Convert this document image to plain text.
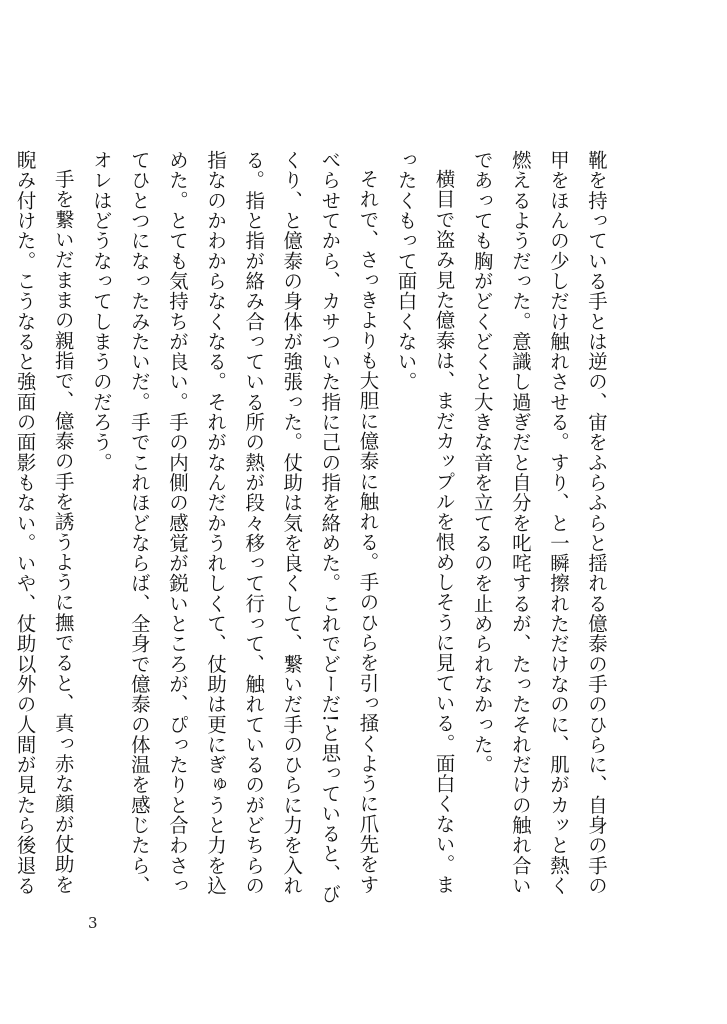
靴を持っている手とは逆の、宙をふらふらと揺れる億泰の手のひらに、自身の手の甲をほんの少しだけ触れさせる。すり、と一瞬擦れただけなのに、肌がカッと熱く燃えるようだった。意識し過ぎだと自分を叱咤するが、たったそれだけの触れ合いであっても胸がどくどくと大きな音を立てるのを止められなかった。

横目で盗み見た億泰は、まだカップルを恨めしそうに見ている。面白くない。まったくもって面白くない。

それで、さっきよりも大胆に億泰に触れる。手のひらを引っ掻くように爪先をすべらせてから、カサついた指に己の指を絡めた。これでどーだ!と思っていると、びくり、と億泰の身体が強張った。仗助は気を良くして、繋いだ手のひらに力を入れる。指と指が絡み合っている所の熱が段々移って行って、触れているのがどちらの指なのかわからなくなる。それがなんだかうれしくて、仗助は更にぎゅうと力を込めた。とても気持ちが良い。手の内側の感覚が鋭いところが、ぴったりと合わさってひとつになったみたいだ。手でこれほどならば、全身で億泰の体温を感じたら、オレはどうなってしまうのだろう。

手を繋いだままの親指で、億泰の手を誘うように撫でると、真っ赤な顔が仗助を睨み付けた。こうなると強面の面影もない。いや、仗助以外の人間が見たら後退る

3
